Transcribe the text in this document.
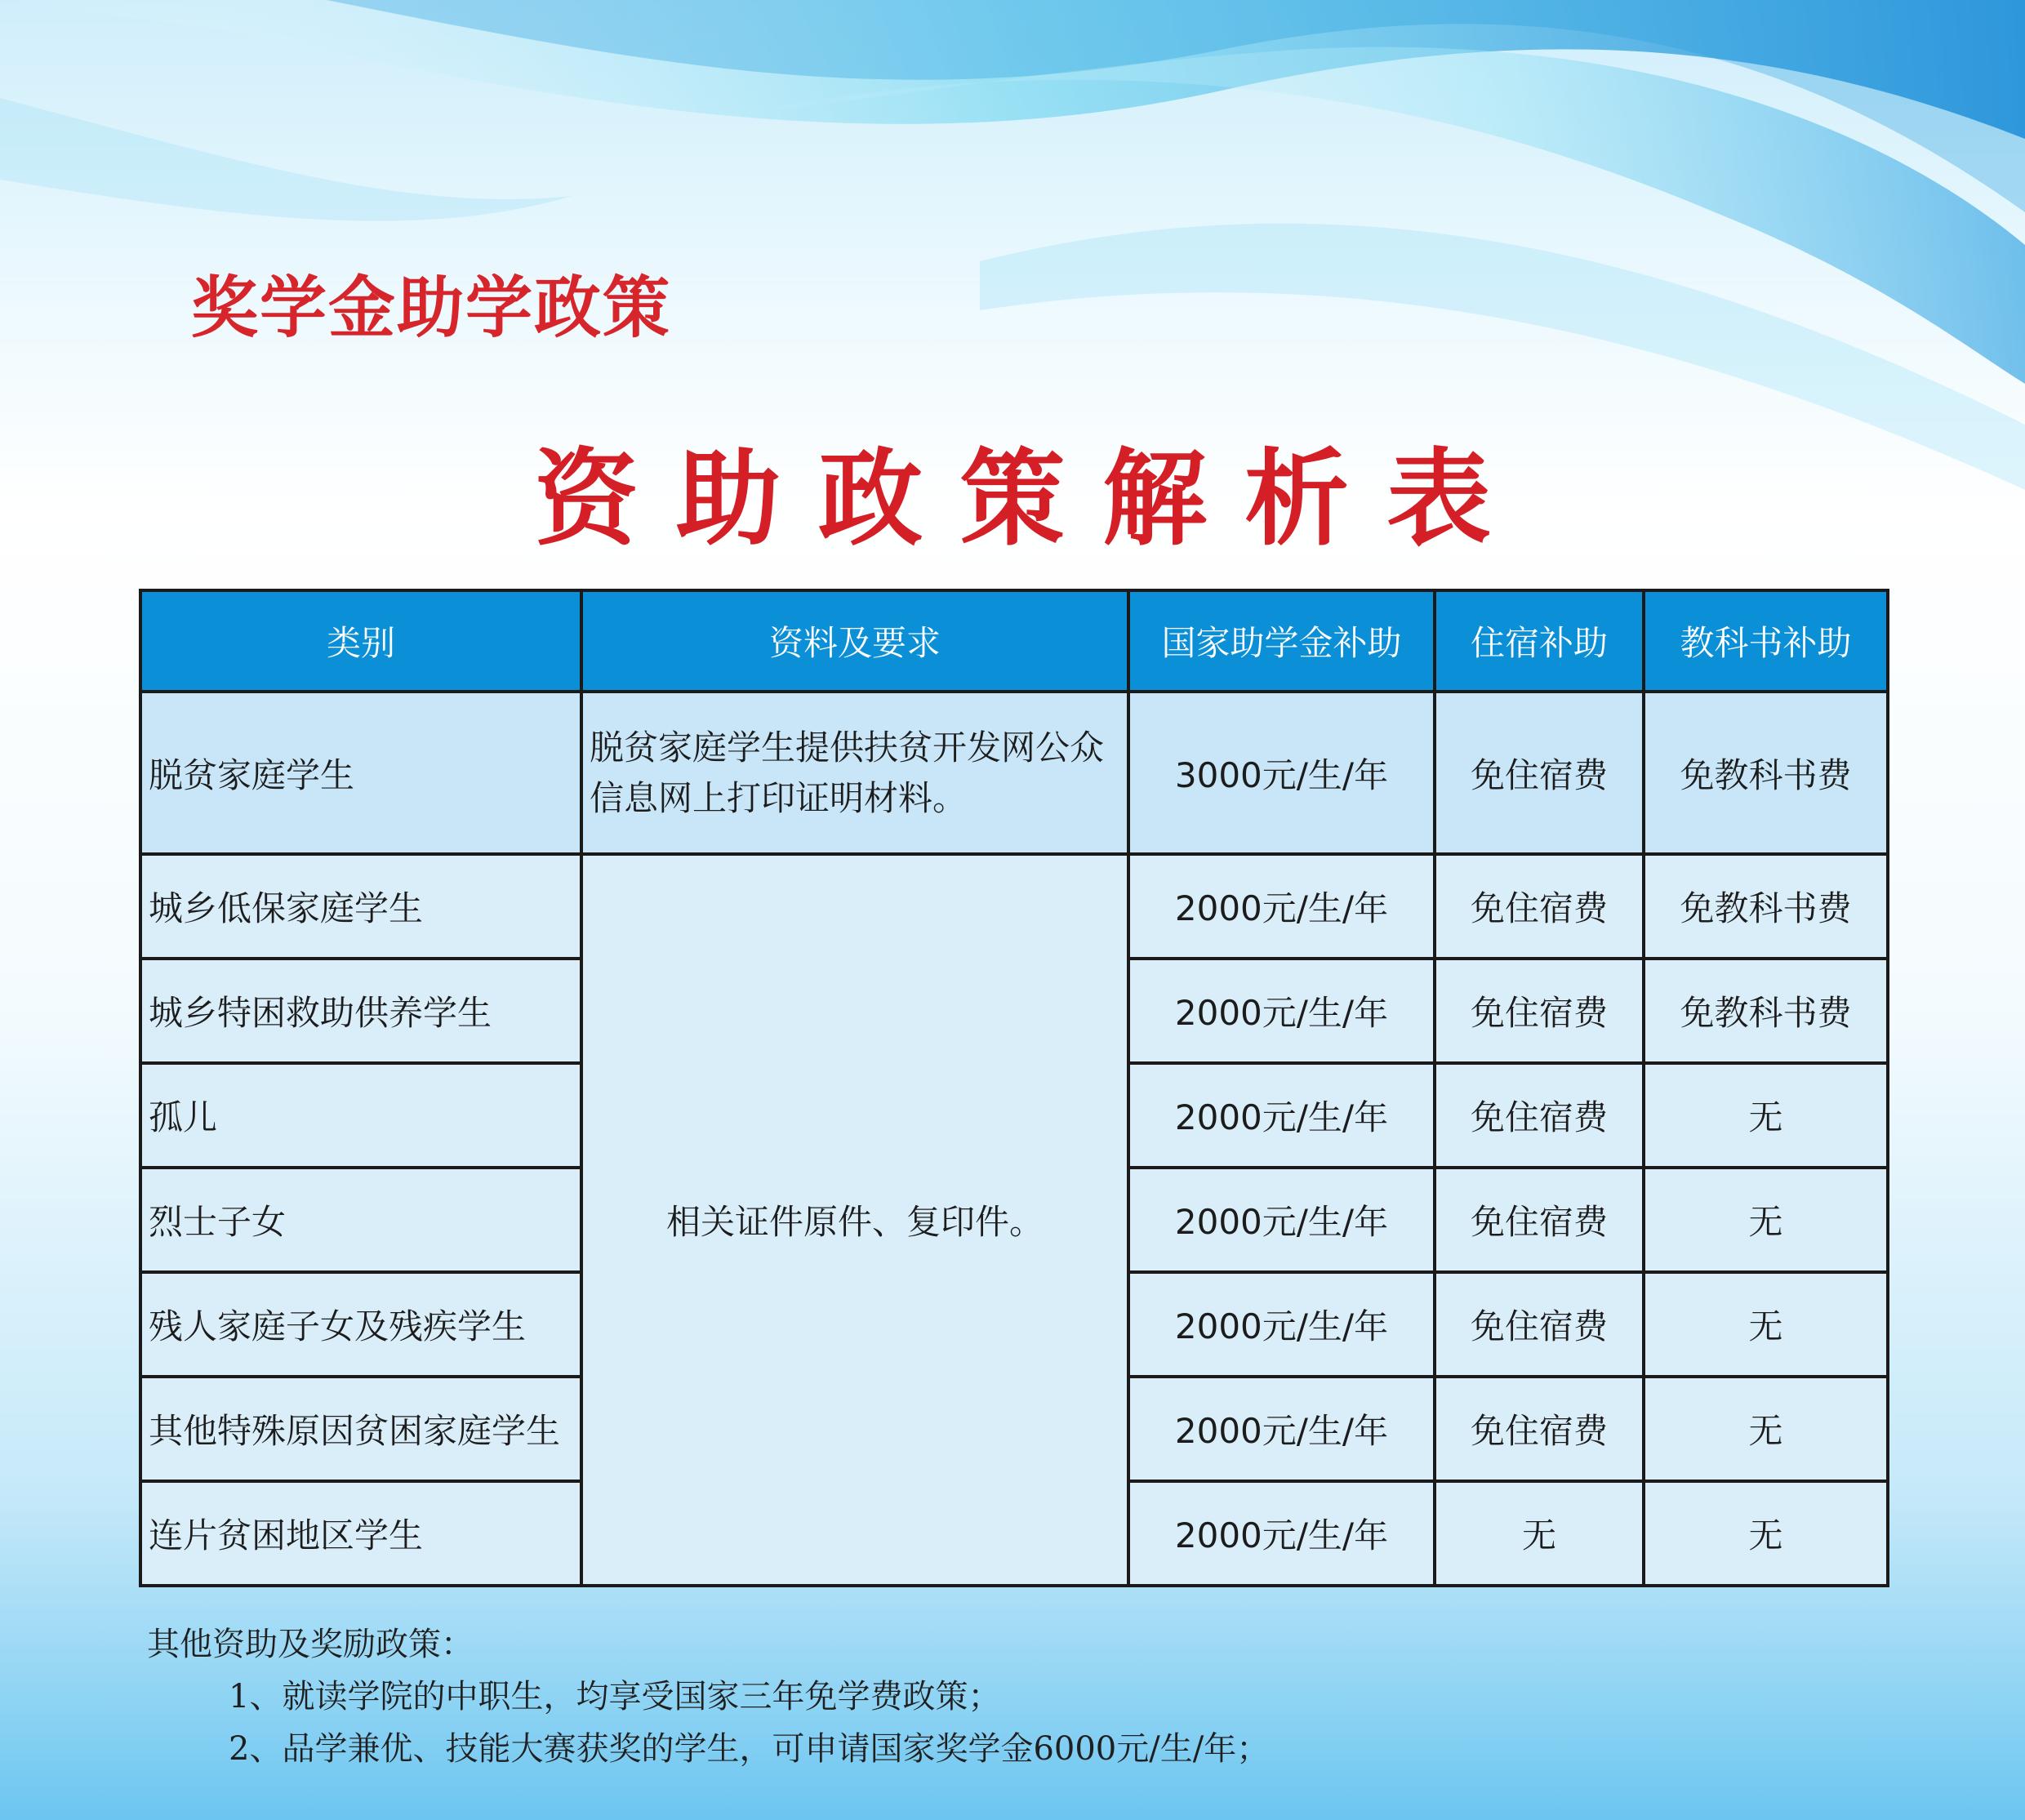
奖学金助学政策
资助政策解析表
类别	资料及要求	国家助学金补助	住宿补助	教科书补助
脱贫家庭学生	脱贫家庭学生提供扶贫开发网公众信息网上打印证明材料。	3000元/生/年	免住宿费	免教科书费
城乡低保家庭学生	相关证件原件、复印件。	2000元/生/年	免住宿费	免教科书费
城乡特困救助供养学生		2000元/生/年	免住宿费	免教科书费
孤儿		2000元/生/年	免住宿费	无
烈士子女		2000元/生/年	免住宿费	无
残人家庭子女及残疾学生		2000元/生/年	免住宿费	无
其他特殊原因贫困家庭学生		2000元/生/年	免住宿费	无
连片贫困地区学生		2000元/生/年	无	无
其他资助及奖励政策：
1、就读学院的中职生，均享受国家三年免学费政策；
2、品学兼优、技能大赛获奖的学生，可申请国家奖学金6000元/生/年；
